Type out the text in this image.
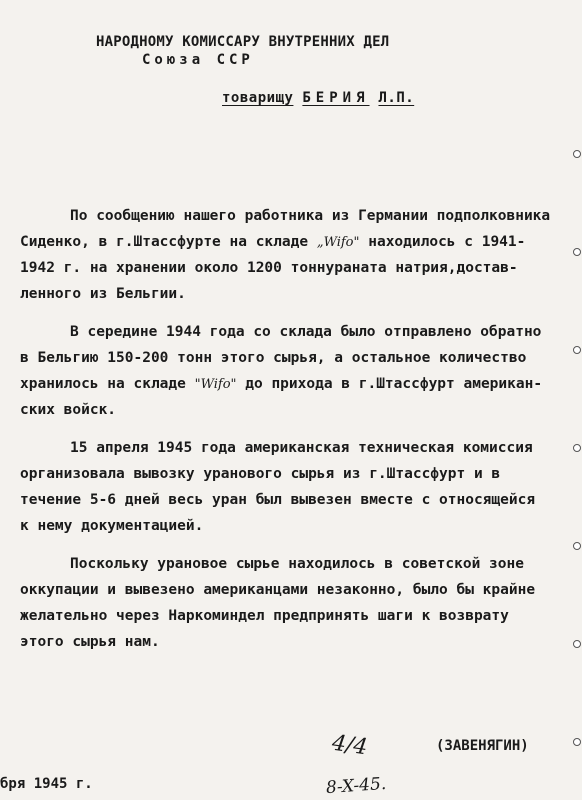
НАРОДНОМУ КОМИССАРУ ВНУТРЕННИХ ДЕЛ
Союза ССР
товарищу БЕРИЯ Л.П.
По сообщению нашего работника из Германии подполковника
Сиденко, в г.Штассфурте на складе „Wifo" находилось с 1941-
1942 г. на хранении около 1200 тоннураната натрия,достав-
ленного из Бельгии.
В середине 1944 года со склада было отправлено обратно
в Бельгию 150-200 тонн этого сырья, а остальное количество
хранилось на складе "Wifo" до прихода в г.Штассфурт американ-
ских войск.
15 апреля 1945 года американская техническая комиссия
организовала вывозку уранового сырья из г.Штассфурт и в
течение 5-6 дней весь уран был вывезен вместе с относящейся
к нему документацией.
Поскольку урановое сырье находилось в советской зоне
оккупации и вывезено американцами незаконно, было бы крайне
желательно через Наркоминдел предпринять шаги к возврату
этого сырья нам.
4/4
8-X-45.
(ЗАВЕНЯГИН)
бря 1945 г.
